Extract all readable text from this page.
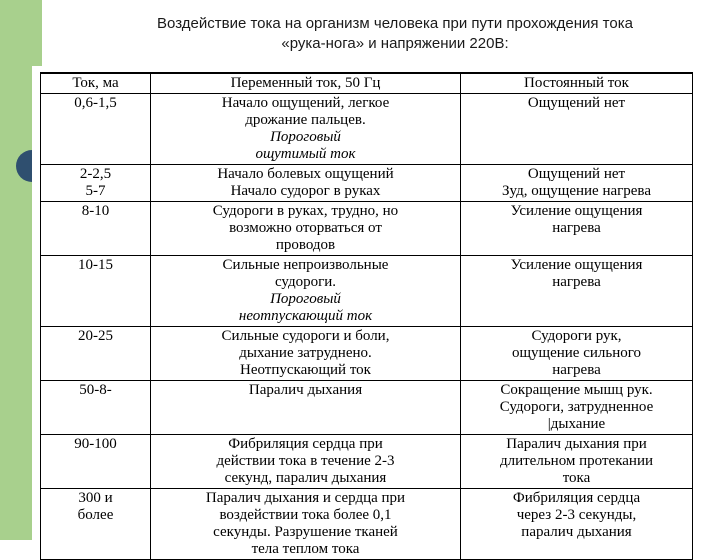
Воздействие тока на организм человека при пути прохождения тока
«рука-нога» и напряжении 220В:
Ток, ма	Переменный ток, 50 Гц	Постоянный ток

0,6-1,5	Начало ощущений, легкое
дрожание пальцев.
Пороговый
ощутимый ток	Ощущений нет

2-2,5
5-7	Начало болевых ощущений
Начало судорог в руках	Ощущений нет
Зуд, ощущение нагрева

8-10	Судороги в руках, трудно, но
возможно оторваться от
проводов	Усиление ощущения
нагрева

10-15	Сильные непроизвольные
судороги.
Пороговый
неотпускающий ток	Усиление ощущения
нагрева

20-25	Сильные судороги и боли,
дыхание затруднено.
Неотпускающий ток	Судороги рук,
ощущение сильного
нагрева

50-8-	Паралич дыхания	Сокращение мышц рук.
Судороги, затрудненное
|дыхание

90-100	Фибриляция сердца при
действии тока в течение 2-3
секунд, паралич дыхания	Паралич дыхания при
длительном протекании
тока

300 и
более	Паралич дыхания и сердца при
воздействии тока более 0,1
секунды. Разрушение тканей
тела теплом тока	Фибриляция сердца
через 2-3 секунды,
паралич дыхания
